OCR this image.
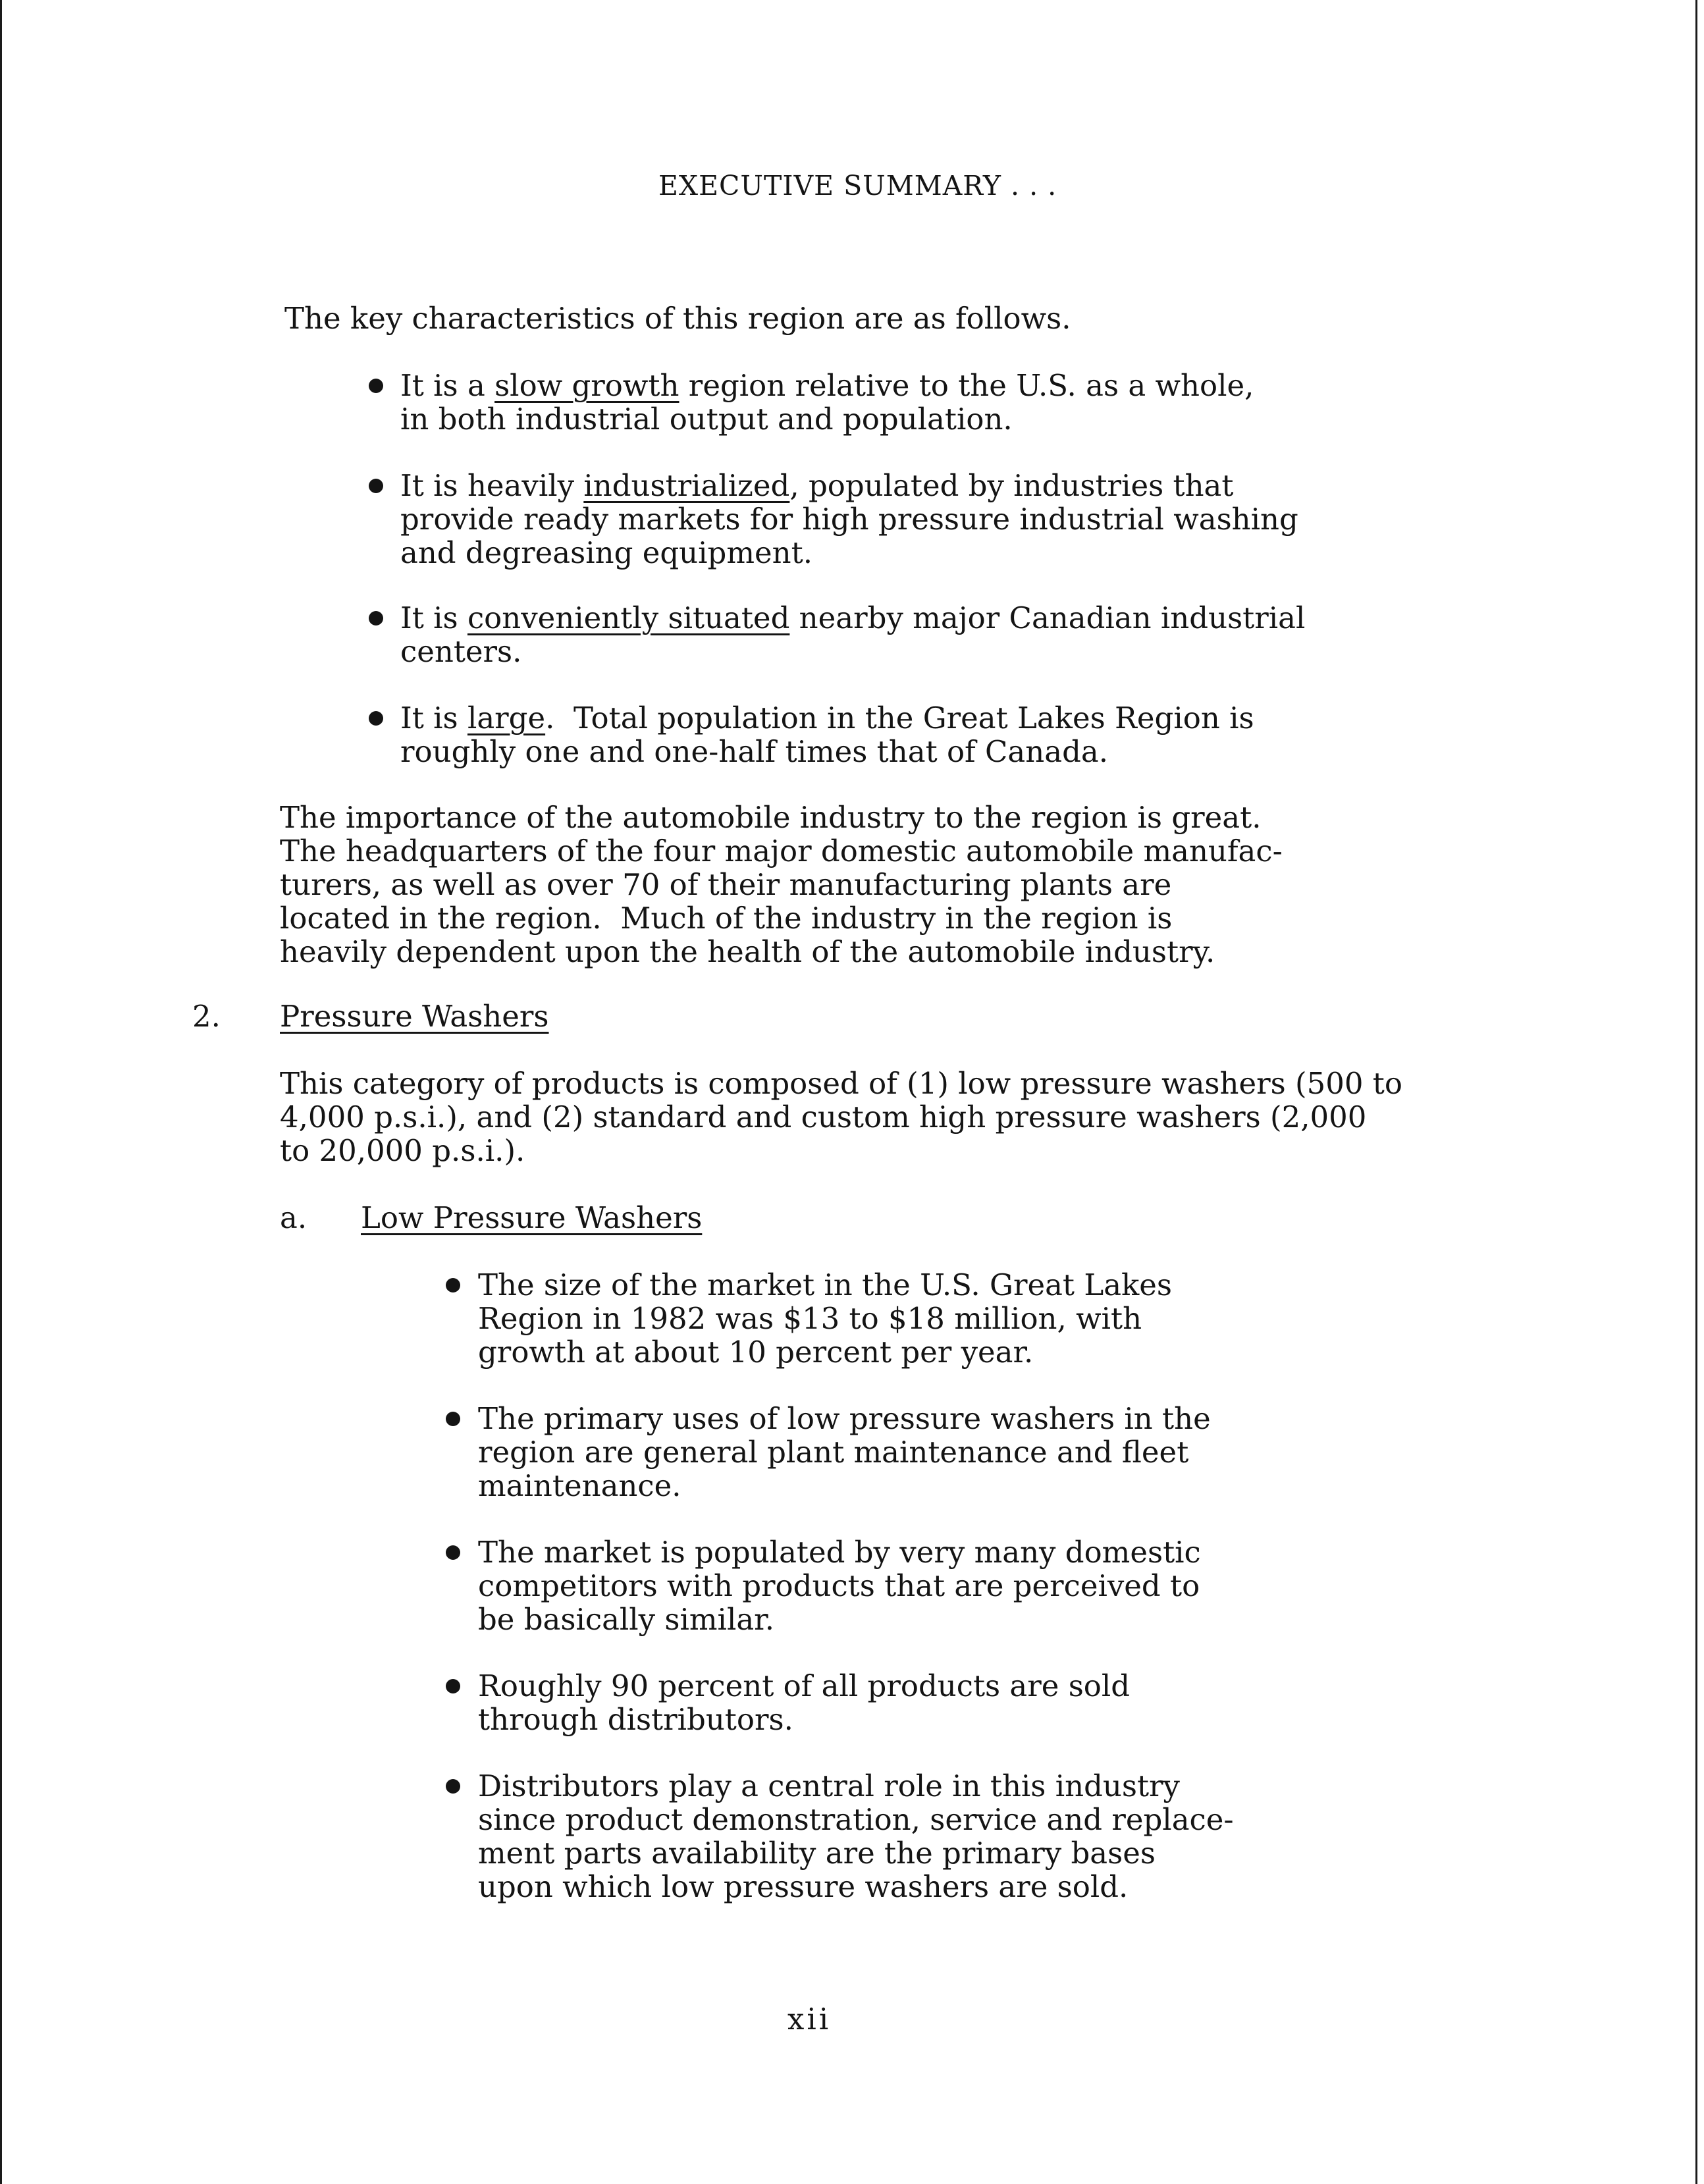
EXECUTIVE SUMMARY . . .
The key characteristics of this region are as follows.
It is a slow growth region relative to the U.S. as a whole,
in both industrial output and population.
It is heavily industrialized, populated by industries that
provide ready markets for high pressure industrial washing
and degreasing equipment.
It is conveniently situated nearby major Canadian industrial
centers.
It is large.  Total population in the Great Lakes Region is
roughly one and one-half times that of Canada.
The importance of the automobile industry to the region is great.
The headquarters of the four major domestic automobile manufac-
turers, as well as over 70 of their manufacturing plants are
located in the region.  Much of the industry in the region is
heavily dependent upon the health of the automobile industry.
2. Pressure Washers
This category of products is composed of (1) low pressure washers (500 to
4,000 p.s.i.), and (2) standard and custom high pressure washers (2,000
to 20,000 p.s.i.).
a. Low Pressure Washers
The size of the market in the U.S. Great Lakes
Region in 1982 was $13 to $18 million, with
growth at about 10 percent per year.
The primary uses of low pressure washers in the
region are general plant maintenance and fleet
maintenance.
The market is populated by very many domestic
competitors with products that are perceived to
be basically similar.
Roughly 90 percent of all products are sold
through distributors.
Distributors play a central role in this industry
since product demonstration, service and replace-
ment parts availability are the primary bases
upon which low pressure washers are sold.
xii
